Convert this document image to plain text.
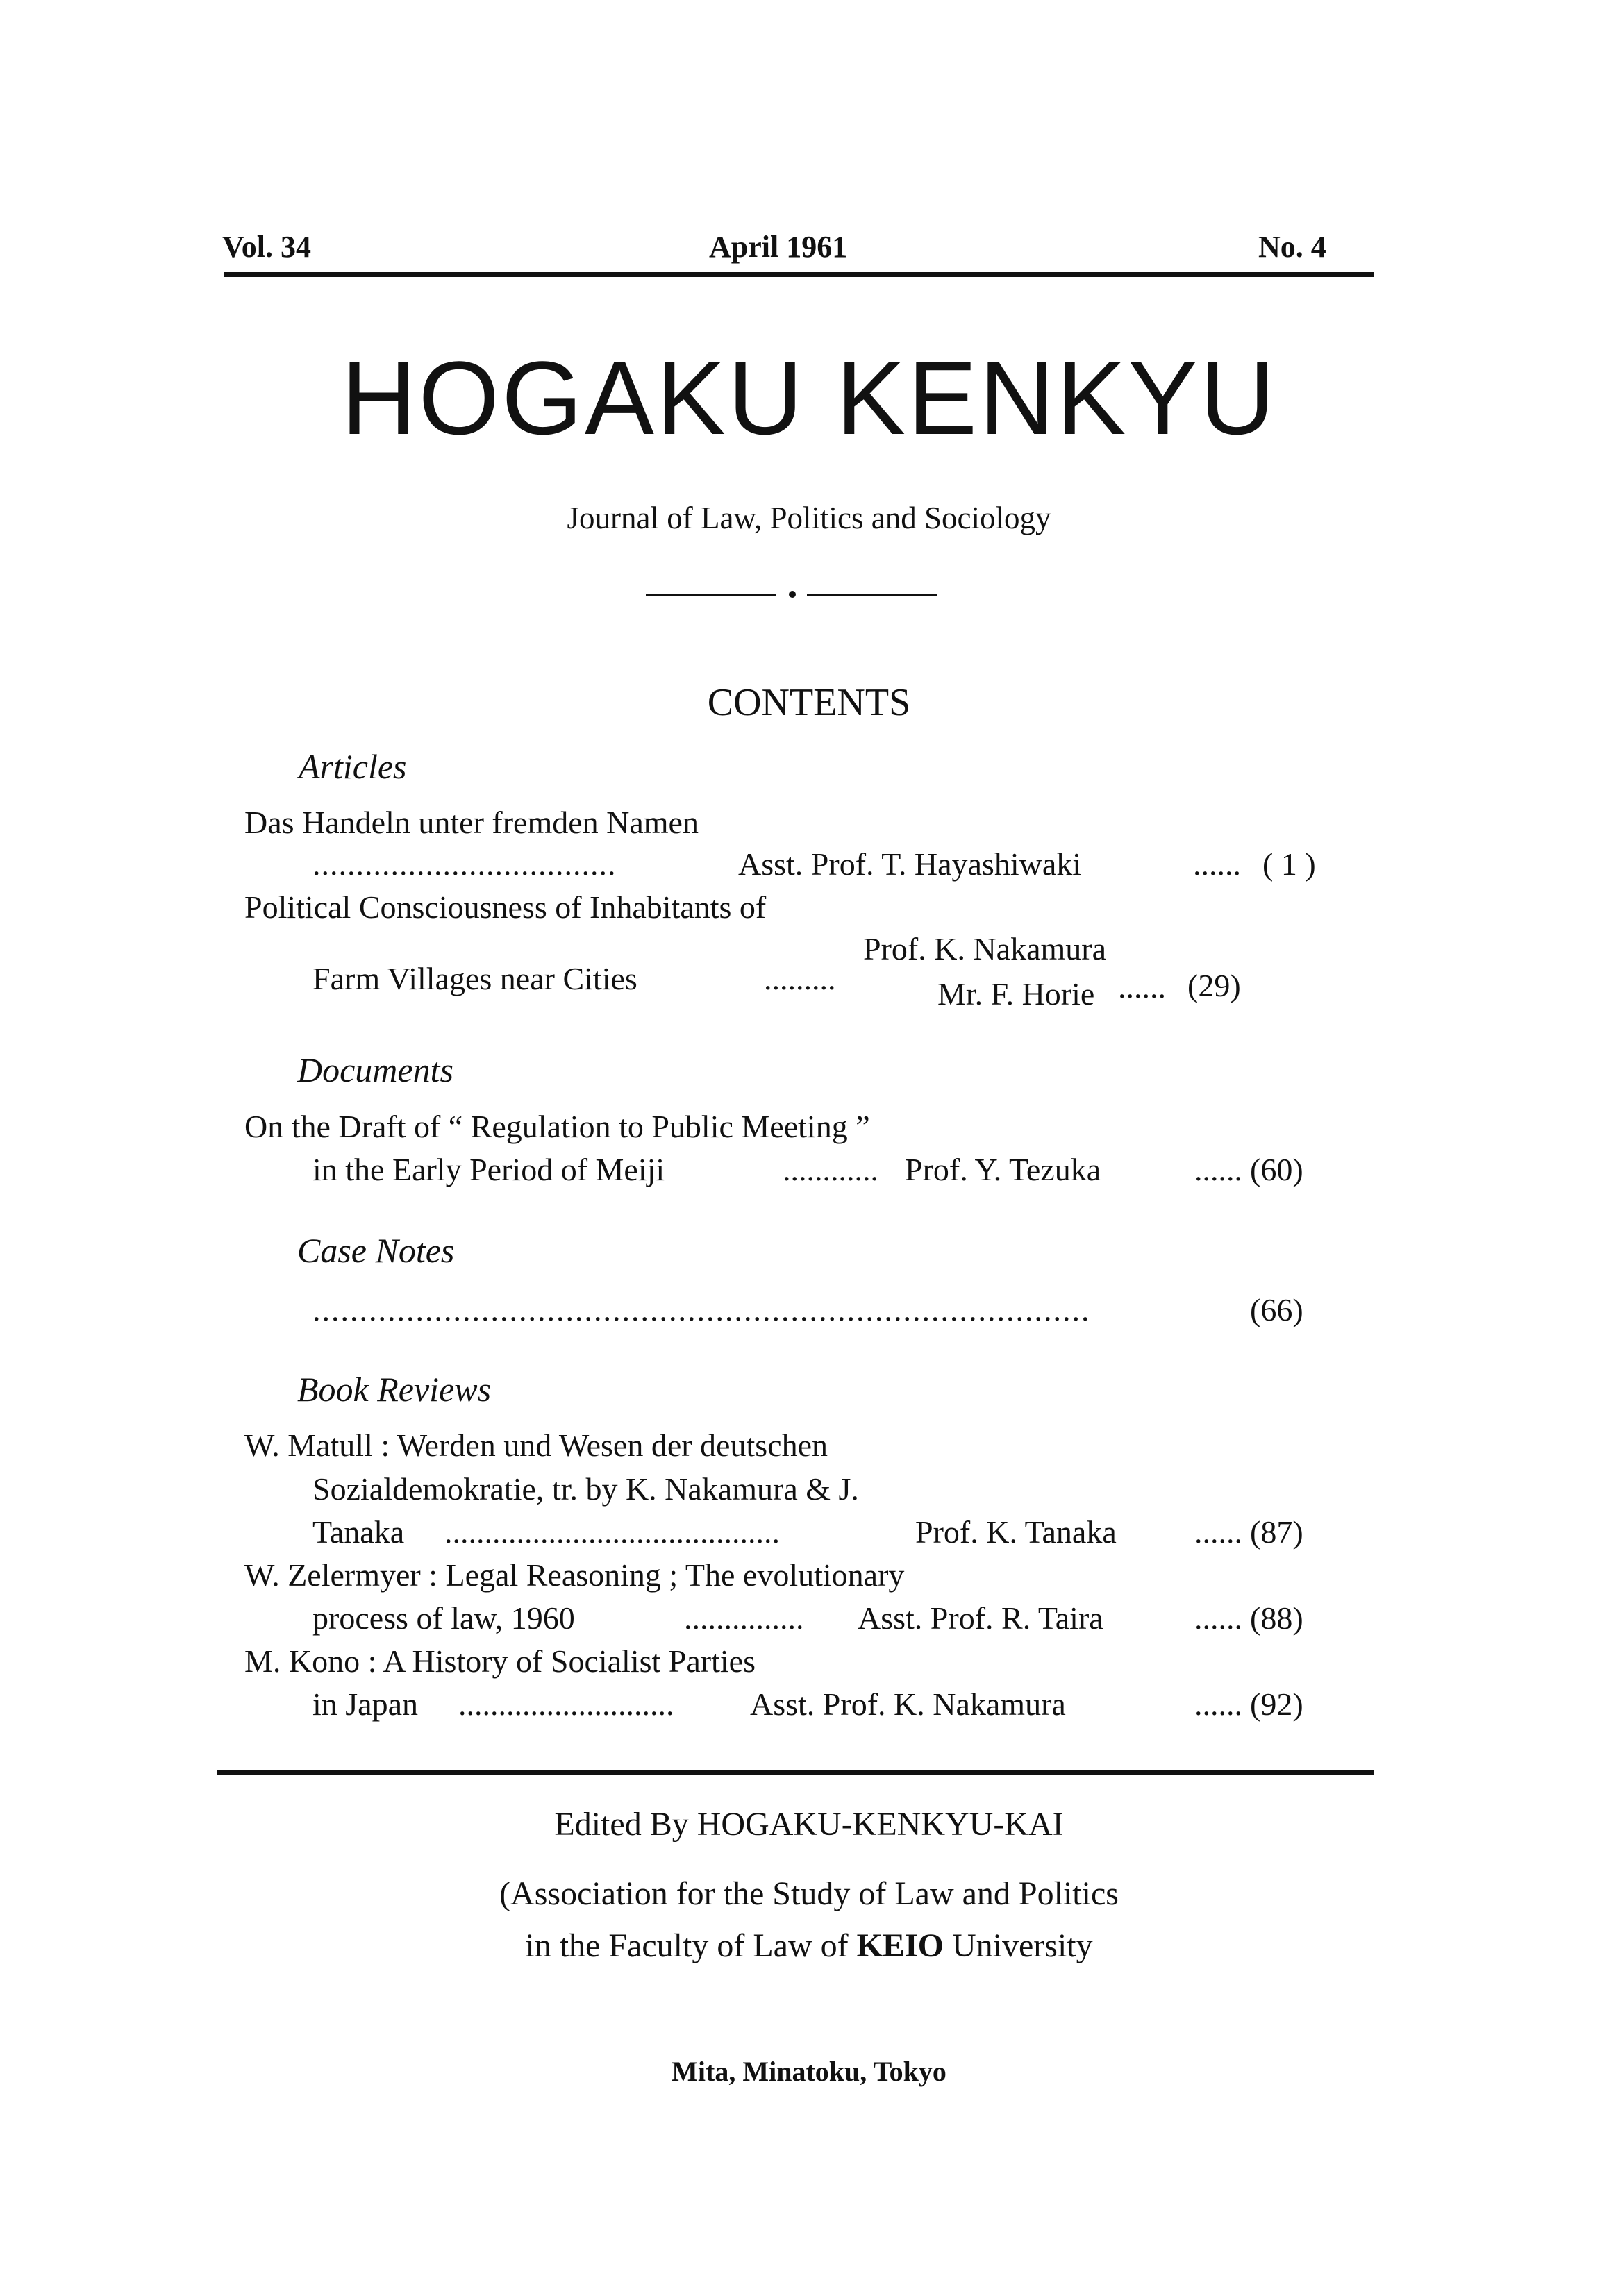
Vol. 34	April 1961	No. 4
HOGAKU KENKYU
Journal of Law, Politics and Sociology
CONTENTS
Articles
Das Handeln unter fremden Namen
...................................	Asst. Prof. T. Hayashiwaki	...... ( 1 )
Political Consciousness of Inhabitants of
Farm Villages near Cities	.........
Prof. K. Nakamura
Mr. F. Horie ...... (29)
Documents
On the Draft of “ Regulation to Public Meeting ”
in the Early Period of Meiji	............ Prof. Y. Tezuka	...... (60)
Case Notes
...................................................................................	(66)
Book Reviews
W. Matull : Werden und Wesen der deutschen
Sozialdemokratie, tr. by K. Nakamura & J.
Tanaka ..........................................	Prof. K. Tanaka ...... (87)
W. Zelermyer : Legal Reasoning ; The evolutionary
process of law, 1960	............... Asst. Prof. R. Taira	...... (88)
M. Kono : A History of Socialist Parties
in Japan ........................... Asst. Prof. K. Nakamura	...... (92)
Edited By HOGAKU-KENKYU-KAI
(Association for the Study of Law and Politics
in the Faculty of Law of KEIO University
Mita, Minatoku, Tokyo
